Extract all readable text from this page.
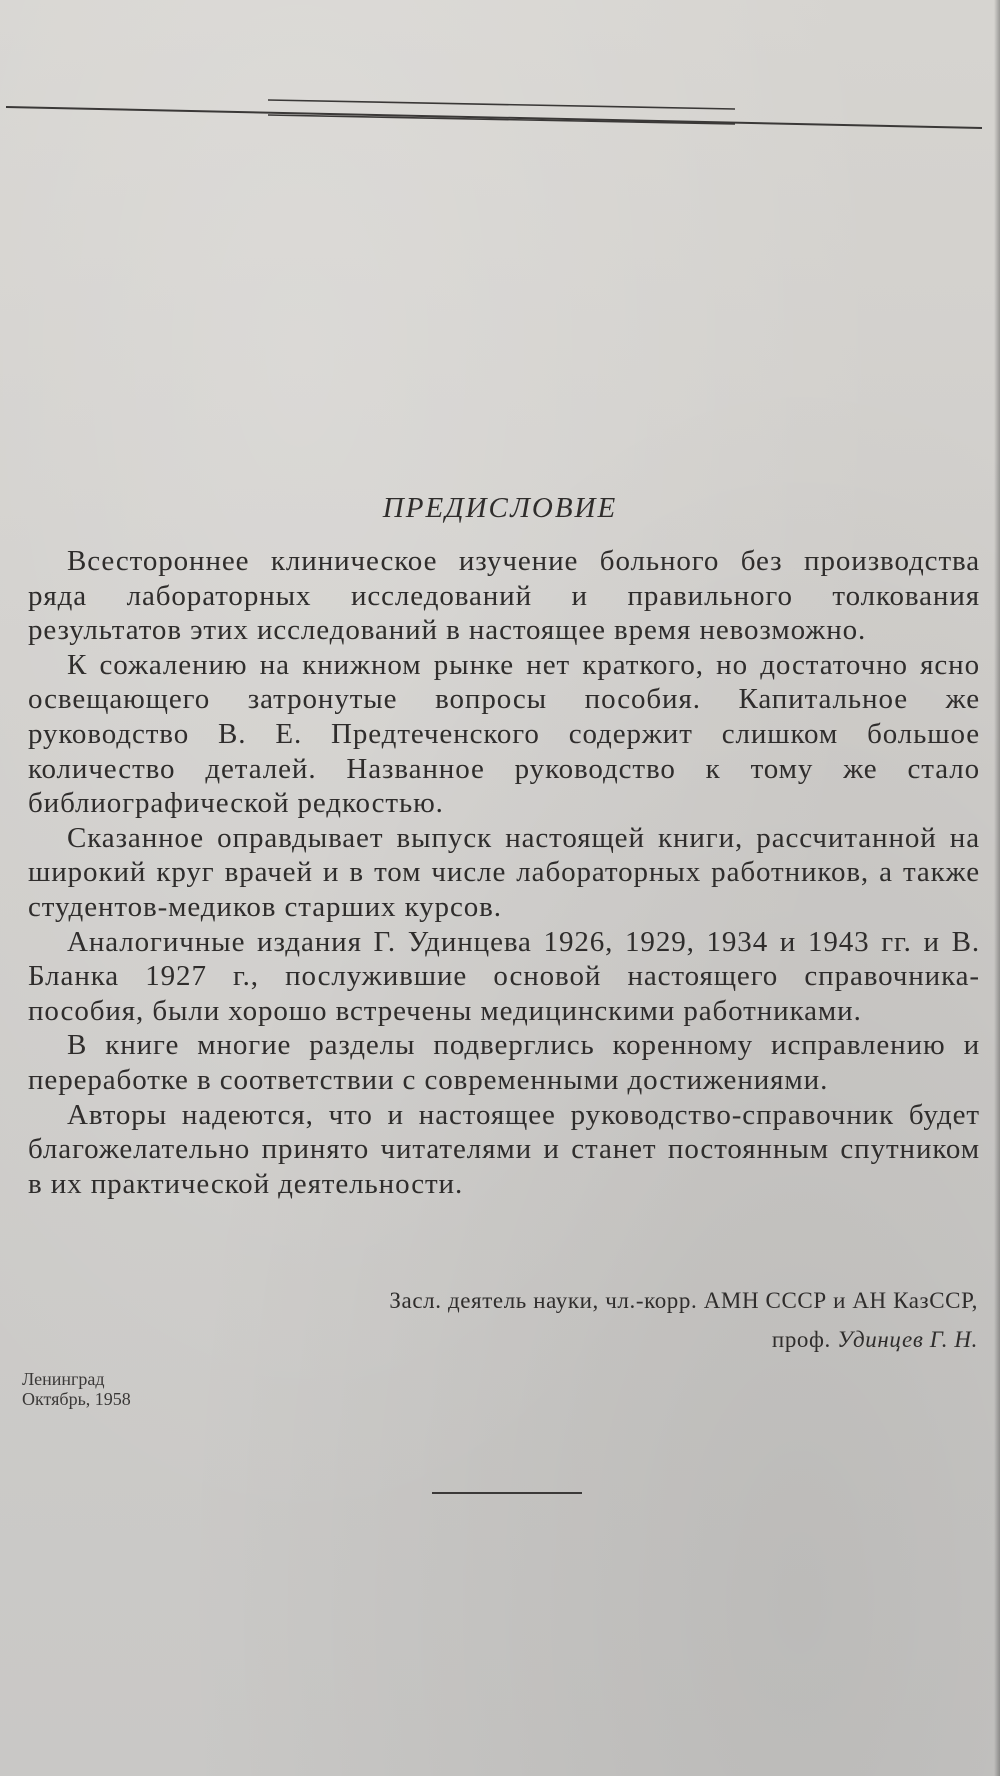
ПРЕДИСЛОВИЕ

Всестороннее клиническое изучение больного без производства ряда лабораторных исследований и правильного толкования результатов этих исследований в настоящее время невозможно.

К сожалению на книжном рынке нет краткого, но достаточно ясно освещающего затронутые вопросы пособия. Капитальное же руководство В. Е. Предтеченского содержит слишком большое количество деталей. Названное руководство к тому же стало библиографической редкостью.

Сказанное оправдывает выпуск настоящей книги, рассчитанной на широкий круг врачей и в том числе лабораторных работников, а также студентов-медиков старших курсов.

Аналогичные издания Г. Удинцева 1926, 1929, 1934 и 1943 гг. и В. Бланка 1927 г., послужившие основой настоящего справочника-пособия, были хорошо встречены медицинскими работниками.

В книге многие разделы подверглись коренному исправлению и переработке в соответствии с современными достижениями.

Авторы надеются, что и настоящее руководство-справочник будет благожелательно принято читателями и станет постоянным спутником в их практической деятельности.

Засл. деятель науки, чл.-корр. АМН СССР и АН КазССР,
проф. Удинцев Г. Н.
Ленинград
Октябрь, 1958
